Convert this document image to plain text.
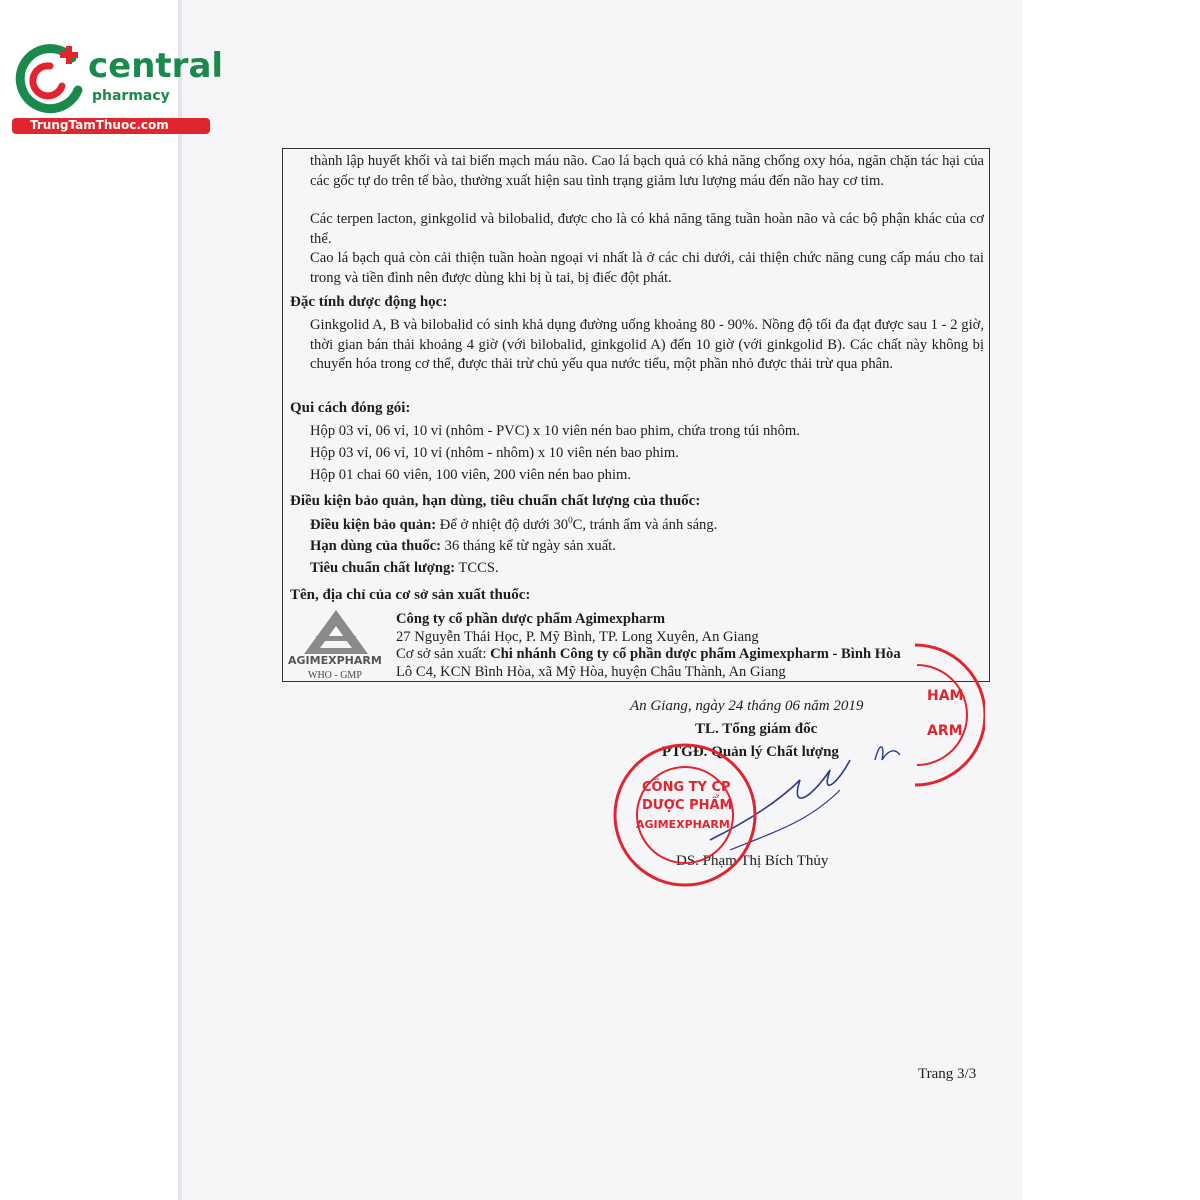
central
pharmacy
TrungTamThuoc.com
thành lập huyết khối và tai biến mạch máu não. Cao lá bạch quả có khả năng chống oxy hóa, ngăn chặn tác hại của các gốc tự do trên tế bào, thường xuất hiện sau tình trạng giảm lưu lượng máu đến não hay cơ tim.
Các terpen lacton, ginkgolid và bilobalid, được cho là có khả năng tăng tuần hoàn não và các bộ phận khác của cơ thể.
Cao lá bạch quả còn cải thiện tuần hoàn ngoại vi nhất là ở các chi dưới, cải thiện chức năng cung cấp máu cho tai trong và tiền đình nên được dùng khi bị ù tai, bị điếc đột phát.
Đặc tính dược động học:
Ginkgolid A, B và bilobalid có sinh khả dụng đường uống khoảng 80 - 90%. Nồng độ tối đa đạt được sau 1 - 2 giờ, thời gian bán thải khoảng 4 giờ (với bilobalid, ginkgolid A) đến 10 giờ (với ginkgolid B). Các chất này không bị chuyển hóa trong cơ thể, được thải trừ chủ yếu qua nước tiểu, một phần nhỏ được thải trừ qua phân.
Qui cách đóng gói:
Hộp 03 vỉ, 06 vỉ, 10 vỉ (nhôm - PVC) x 10 viên nén bao phim, chứa trong túi nhôm.
Hộp 03 vỉ, 06 vỉ, 10 vỉ (nhôm - nhôm) x 10 viên nén bao phim.
Hộp 01 chai 60 viên, 100 viên, 200 viên nén bao phim.
Điều kiện bảo quản, hạn dùng, tiêu chuẩn chất lượng của thuốc:
Điều kiện bảo quản: Để ở nhiệt độ dưới $30^0C$, tránh ẩm và ánh sáng.
Hạn dùng của thuốc: 36 tháng kể từ ngày sản xuất.
Tiêu chuẩn chất lượng: TCCS.
Tên, địa chỉ của cơ sở sản xuất thuốc:
AGIMEXPHARM
WHO - GMP
Công ty cổ phần dược phẩm Agimexpharm
27 Nguyễn Thái Học, P. Mỹ Bình, TP. Long Xuyên, An Giang
Cơ sở sản xuất: Chi nhánh Công ty cổ phần dược phẩm Agimexpharm - Bình Hòa
Lô C4, KCN Bình Hòa, xã Mỹ Hòa, huyện Châu Thành, An Giang
An Giang, ngày 24 tháng 06 năm 2019
TL. Tổng giám đốc
PTGĐ. Quản lý Chất lượng
DS. Phạm Thị Bích Thủy
CÔNG TY CP
DƯỢC PHẨM
AGIMEXPHARM
HAM
ARM
Trang 3/3
